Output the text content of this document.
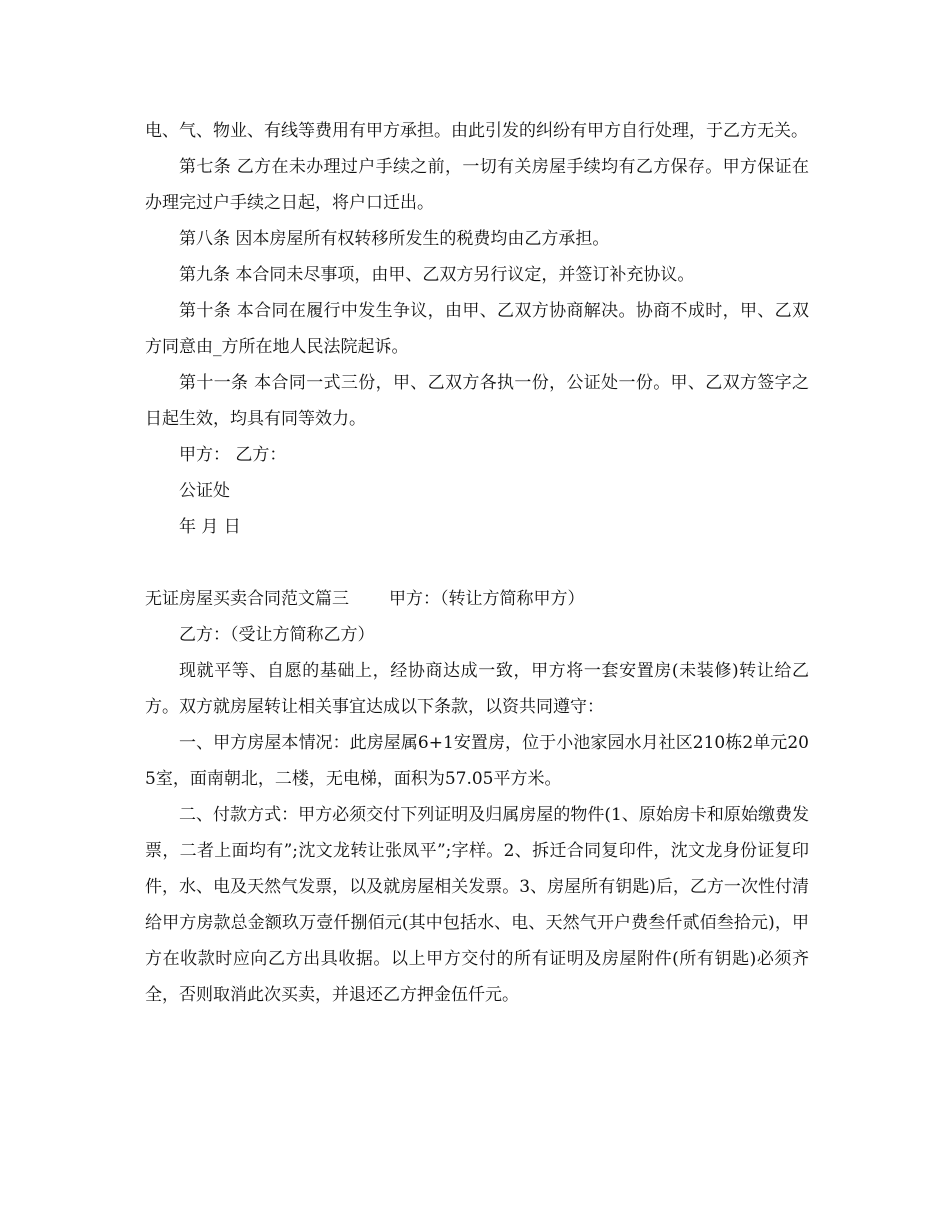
电、气、物业、有线等费用有甲方承担。由此引发的纠纷有甲方自行处理，于乙方无关。

第七条 乙方在未办理过户手续之前，一切有关房屋手续均有乙方保存。甲方保证在办理完过户手续之日起，将户口迁出。

第八条 因本房屋所有权转移所发生的税费均由乙方承担。

第九条 本合同未尽事项，由甲、乙双方另行议定，并签订补充协议。

第十条 本合同在履行中发生争议，由甲、乙双方协商解决。协商不成时，甲、乙双方同意由_方所在地人民法院起诉。

第十一条 本合同一式三份，甲、乙双方各执一份，公证处一份。甲、乙双方签字之日起生效，均具有同等效力。

甲方： 乙方：

公证处

年 月 日

无证房屋买卖合同范文篇三 甲方：（转让方简称甲方）

乙方：（受让方简称乙方）

现就平等、自愿的基础上，经协商达成一致，甲方将一套安置房(未装修)转让给乙方。双方就房屋转让相关事宜达成以下条款，以资共同遵守：

一、甲方房屋本情况：此房屋属6+1安置房，位于小池家园水月社区210栋2单元205室，面南朝北，二楼，无电梯，面积为57.05平方米。

二、付款方式：甲方必须交付下列证明及归属房屋的物件(1、原始房卡和原始缴费发票，二者上面均有”;沈文龙转让张凤平”;字样。2、拆迁合同复印件，沈文龙身份证复印件，水、电及天然气发票，以及就房屋相关发票。3、房屋所有钥匙)后，乙方一次性付清给甲方房款总金额玖万壹仟捌佰元(其中包括水、电、天然气开户费叁仟贰佰叁拾元)，甲方在收款时应向乙方出具收据。以上甲方交付的所有证明及房屋附件(所有钥匙)必须齐全，否则取消此次买卖，并退还乙方押金伍仟元。
